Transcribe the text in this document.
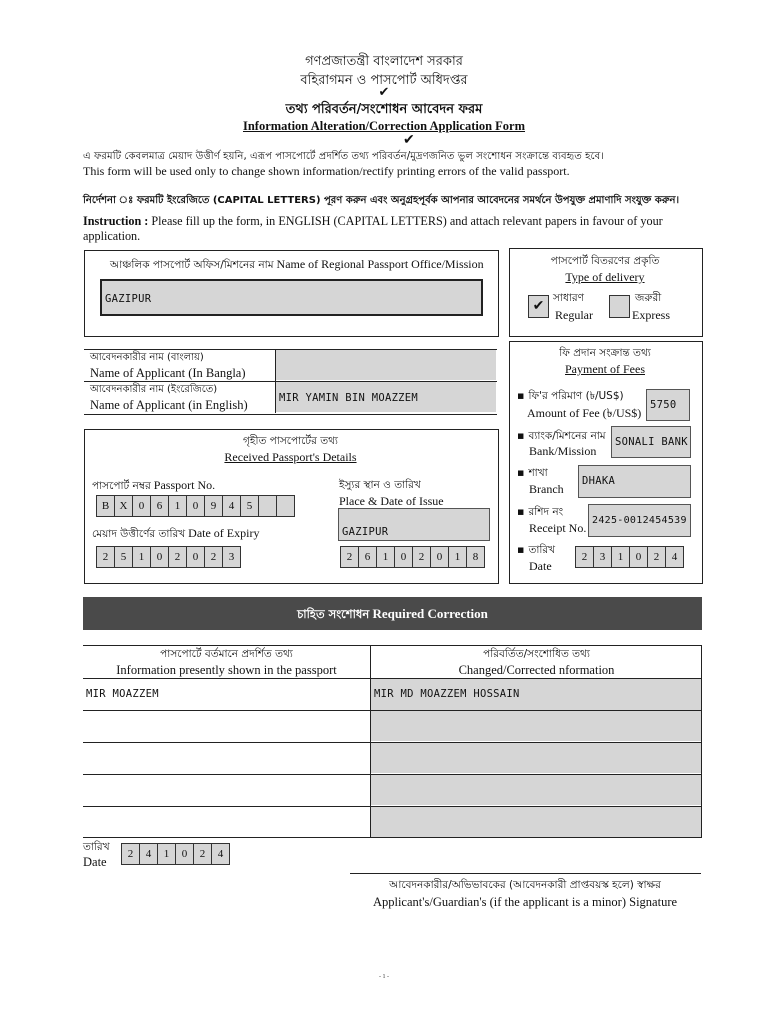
গণপ্রজাতন্ত্রী বাংলাদেশ সরকার
বহিরাগমন ও পাসপোর্ট অধিদপ্তর
✔
তথ্য পরিবর্তন/সংশোধন আবেদন ফরম
Information Alteration/Correction Application Form
✔
এ ফরমটি কেবলমাত্র মেয়াদ উত্তীর্ণ হয়নি, এরূপ পাসপোর্টে প্রদর্শিত তথ্য পরিবর্তন/মুদ্রণজনিত ভুল সংশোধন সংক্রান্তে ব্যবহৃত হবে।
This form will be used only to change shown information/rectify printing errors of the valid passport.
নির্দেশনা ঃ ফরমটি ইংরেজিতে (CAPITAL LETTERS) পূরণ করুন এবং অনুগ্রহপূর্বক আপনার আবেদনের সমর্থনে উপযুক্ত প্রমাণাদি সংযুক্ত করুন।
Instruction : Please fill up the form, in ENGLISH (CAPITAL LETTERS) and attach relevant papers in favour of your application.
আঞ্চলিক পাসপোর্ট অফিস/মিশনের নাম Name of Regional Passport Office/Mission
GAZIPUR
পাসপোর্ট বিতরণের প্রকৃতি
Type of delivery
✔
সাধারণ
Regular
জরুরী
Express
আবেদনকারীর নাম (বাংলায়)
Name of Applicant (In Bangla)
আবেদনকারীর নাম (ইংরেজিতে)
Name of Applicant (in English)	MIR YAMIN BIN MOAZZEM
ফি প্রদান সংক্রান্ত তথ্য
Payment of Fees
▪ ফি'র পরিমাণ (৳/US$)
Amount of Fee (৳/US$)
5750
▪ ব্যাংক/মিশনের নাম
Bank/Mission
SONALI BANK
▪ শাখা
Branch
DHAKA
▪ রশিদ নং
Receipt No.
2425-0012454539
▪ তারিখ
Date
2	3	1	0	2	4
গৃহীত পাসপোর্টের তথ্য
Received Passport's Details
পাসপোর্ট নম্বর Passport No.
B X	0	6	1	0	9	4	5
মেয়াদ উত্তীর্ণের তারিখ Date of Expiry
2	5	1	0	2	0	2	3
ইস্যুর স্থান ও তারিখ
Place & Date of Issue
GAZIPUR
2	6	1	0	2	0	1	8
চাহিত সংশোধন Required Correction
পাসপোর্টে বর্তমানে প্রদর্শিত তথ্য
Information presently shown in the passport
পরিবর্তিত/সংশোধিত তথ্য
Changed/Corrected nformation
MIR MOAZZEM	MIR MD MOAZZEM HOSSAIN
তারিখ
Date
2	4	1	0	2	4
আবেদনকারীর/অভিভাবকের (আবেদনকারী প্রাপ্তবয়স্ক হলে) স্বাক্ষর
Applicant's/Guardian's (if the applicant is a minor) Signature
- 1 -
